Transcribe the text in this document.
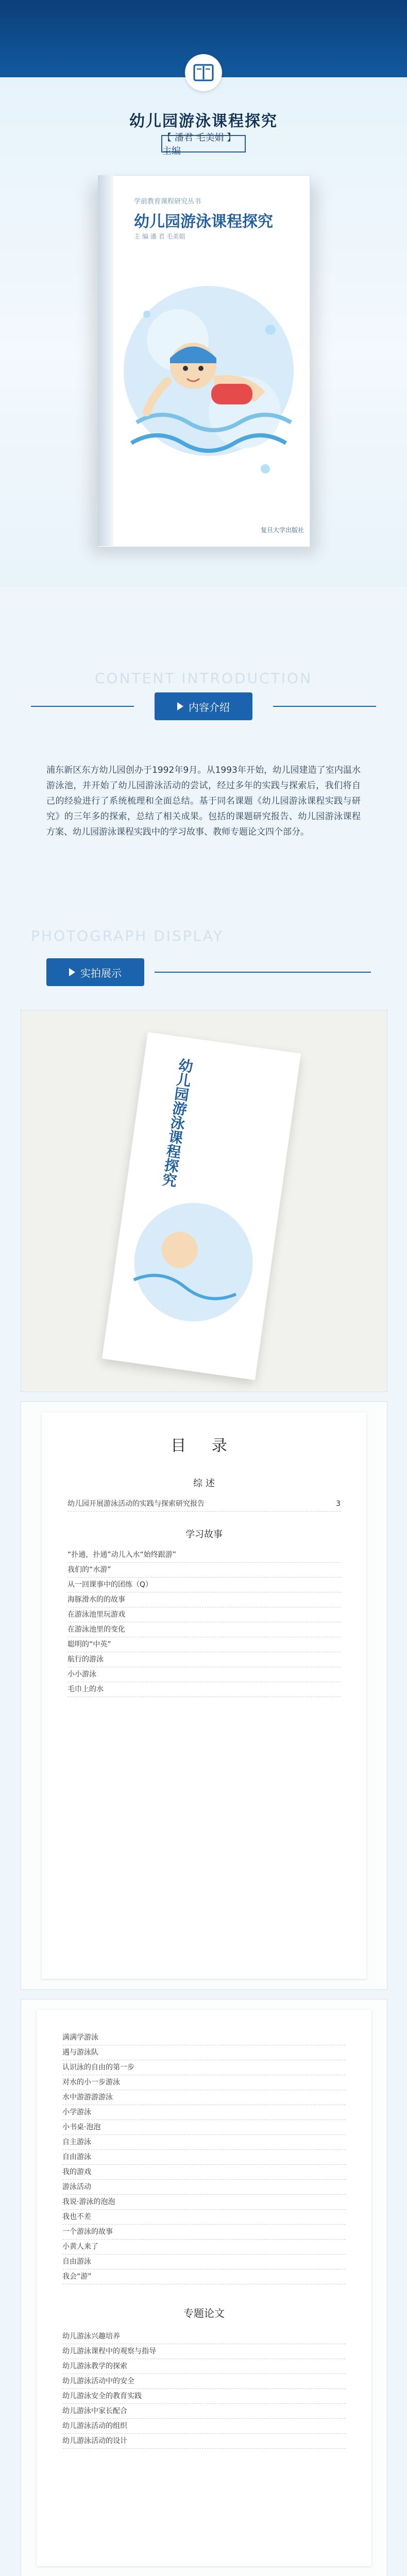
幼儿园游泳课程探究
【 潘君 毛美娟 】主编
学前教育课程研究丛书
幼儿园游泳课程探究
主 编 潘 君 毛美娟
复旦大学出版社
CONTENT INTRODUCTION
内容介绍
浦东新区东方幼儿园创办于1992年9月。从1993年开始，幼儿园建造了室内温水游泳池，并开始了幼儿园游泳活动的尝试，经过多年的实践与探索后，我们将自己的经验进行了系统梳理和全面总结。基于同名课题《幼儿园游泳课程实践与研究》的三年多的探索，总结了相关成果。包括的课题研究报告、幼儿园游泳课程方案、幼儿园游泳课程实践中的学习故事、教师专题论文四个部分。
PHOTOGRAPH DISPLAY
实拍展示
幼儿园游泳课程探究
目 录
综 述
幼儿园开展游泳活动的实践与探索研究报告	3
学习故事
“扑通，扑通”动儿入水“始终跟游”
我们的“水游”
从一回课事中的团练（Q）
海豚滑水的的故事
在游泳池里玩游戏
在游泳池里的变化
聪明的“中英”
航行的游泳
小小游泳
毛巾上的水
满满学游泳
遇与游泳队
认识泳的自由的第一步
对水的小一步游泳
水中游游游游泳
小学游泳
小书桌·泡泡
自主游泳
自由游泳
我的游戏
游泳活动
我说·游泳的泡泡
我也不差
一个游泳的故事
小黄人来了
自由游泳
我会“游”
专题论文
幼儿游泳兴趣培养
幼儿游泳课程中的观察与指导
幼儿游泳教学的探索
幼儿游泳活动中的安全
幼儿游泳安全的教育实践
幼儿游泳中家长配合
幼儿游泳活动的组织
幼儿游泳活动的设计
